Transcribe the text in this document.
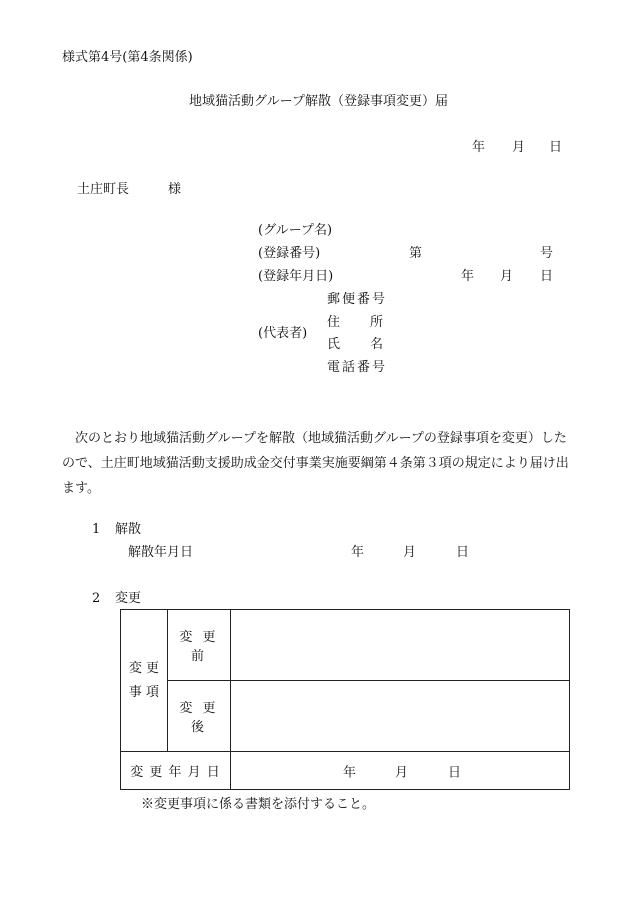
様式第4号(第4条関係)
地域猫活動グループ解散（登録事項変更）届
年 月 日
土庄町長	様
(グループ名)
(登録番号)	第	号
(登録年月日)	年 月 日
(代表者)
郵便番号
住 所
氏 名
電話番号

次のとおり地域猫活動グループを解散（地域猫活動グループの登録事項を変更）した

ので、土庄町地域猫活動支援助成金交付事業実施要綱第４条第３項の規定により届け出

ます。

1 解散
解散年月日	年	月	日
2 変更
変 更
事 項	変 更 前	
	変 更 後	
変 更 年 月 日		年 月 日
※変更事項に係る書類を添付すること。
